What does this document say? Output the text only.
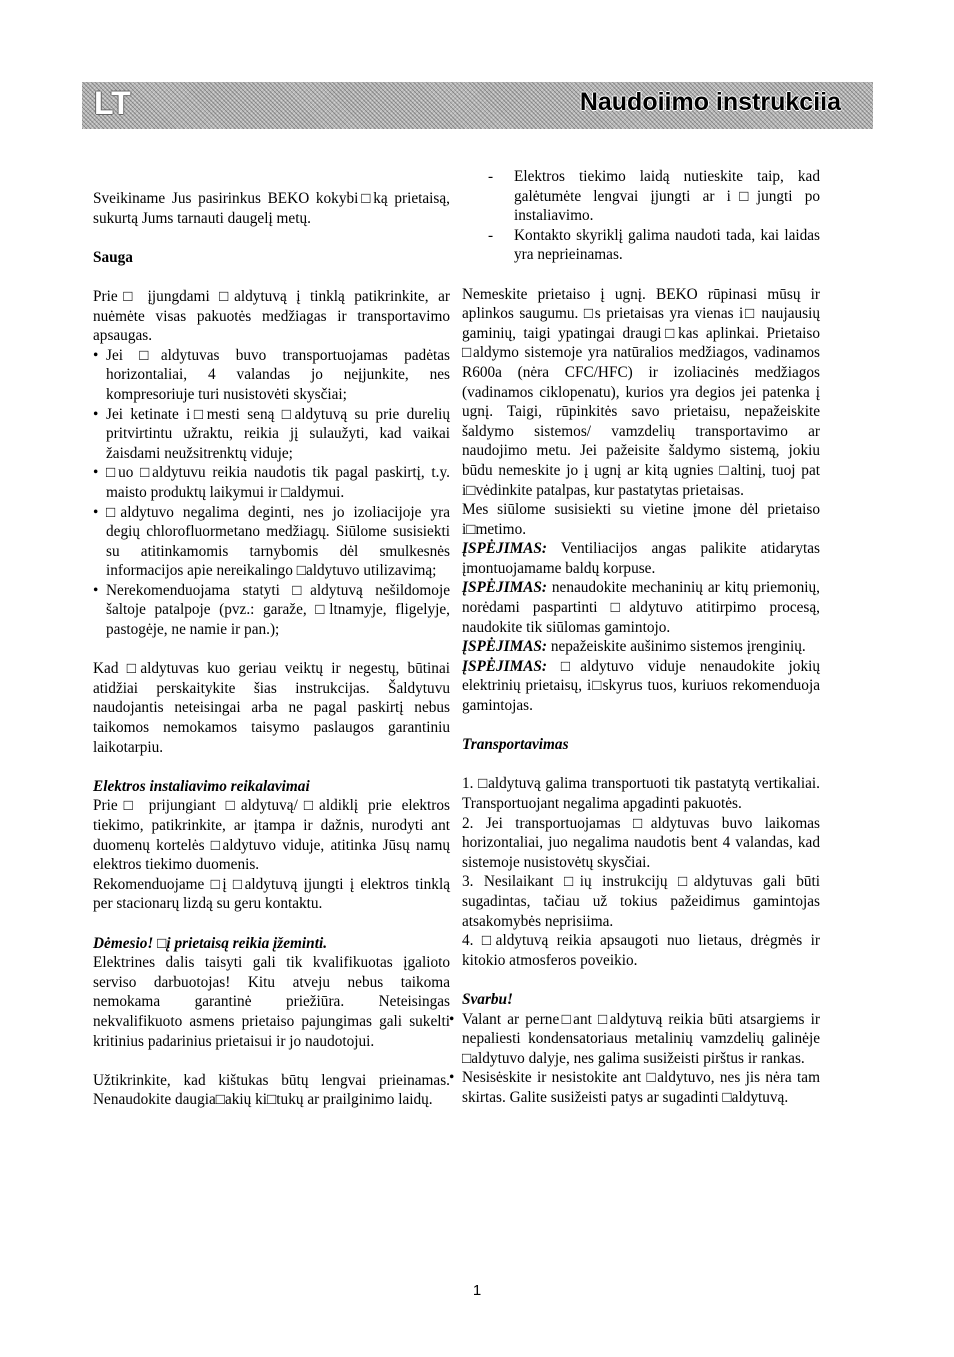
LT	Naudoiimo instrukciia

Sveikiname Jus pasirinkus BEKO kokybi□ką prietaisą, sukurtą Jums tarnauti daugelį metų.

Sauga

Prie□ įjungdami □aldytuvą į tinklą patikrinkite, ar nuėmėte visas pakuotės medžiagas ir transportavimo apsaugas.

• Jei □aldytuvas buvo transportuojamas padėtas horizontaliai, 4 valandas jo neįjunkite, nes kompresoriuje turi nusistovėti skysčiai;
• Jei ketinate i□mesti seną □aldytuvą su prie durelių pritvirtintu užraktu, reikia jį sulaužyti, kad vaikai žaisdami neužsitrenktų viduje;
• □uo □aldytuvu reikia naudotis tik pagal paskirtį, t.y. maisto produktų laikymui ir □aldymui.
• □aldytuvo negalima deginti, nes jo izoliacijoje yra degių chlorofluormetano medžiagų. Siūlome susisiekti su atitinkamomis tarnybomis dėl smulkesnės informacijos apie nereikalingo □aldytuvo utilizavimą;
• Nerekomenduojama statyti □aldytuvą nešildomoje šaltoje patalpoje (pvz.: garaže, □ltnamyje, fligelyje, pastogėje, ne namie ir pan.);

Kad □aldytuvas kuo geriau veiktų ir negestų, būtinai atidžiai perskaitykite šias instrukcijas. Šaldytuvu naudojantis neteisingai arba ne pagal paskirtį nebus taikomos nemokamos taisymo paslaugos garantiniu laikotarpiu.

Elektros instaliavimo reikalavimai

Prie□ prijungiant □aldytuvą/□aldiklį prie elektros tiekimo, patikrinkite, ar įtampa ir dažnis, nurodyti ant duomenų kortelės □aldytuvo viduje, atitinka Jūsų namų elektros tiekimo duomenis.

Rekomenduojame □į □aldytuvą įjungti į elektros tinklą per stacionarų lizdą su geru kontaktu.

Dėmesio! □į prietaisą reikia įžeminti.

Elektrines dalis taisyti gali tik kvalifikuotas įgalioto serviso darbuotojas! Kitu atveju nebus taikoma nemokama garantinė priežiūra. Neteisingas nekvalifikuoto asmens prietaiso pajungimas gali sukelti kritinius padarinius prietaisui ir jo naudotojui.

Užtikrinkite, kad kištukas būtų lengvai prieinamas. Nenaudokite daugia□akių ki□tukų ar prailginimo laidų.

- Elektros tiekimo laidą nutieskite taip, kad galėtumėte lengvai įjungti ar i□jungti po instaliavimo.
- Kontakto skyriklį galima naudoti tada, kai laidas yra neprieinamas.

Nemeskite prietaiso į ugnį. BEKO rūpinasi mūsų ir aplinkos saugumu. □s prietaisas yra vienas i□ naujausių gaminių, taigi ypatingai draugi□kas aplinkai. Prietaiso □aldymo sistemoje yra natūralios medžiagos, vadinamos R600a (nėra CFC/HFC) ir izoliacinės medžiagos (vadinamos ciklopenatu), kurios yra degios jei patenka į ugnį. Taigi, rūpinkitės savo prietaisu, nepažeiskite šaldymo sistemos/ vamzdelių transportavimo ar naudojimo metu. Jei pažeisite šaldymo sistemą, jokiu būdu nemeskite jo į ugnį ar kitą ugnies □altinį, tuoj pat i□vėdinkite patalpas, kur pastatytas prietaisas.

Mes siūlome susisiekti su vietine įmone dėl prietaiso i□metimo.

ĮSPĖJIMAS: Ventiliacijos angas palikite atidarytas įmontuojamame baldų korpuse.

ĮSPĖJIMAS: nenaudokite mechaninių ar kitų priemonių, norėdami paspartinti □aldytuvo atitirpimo procesą, naudokite tik siūlomas gamintojo.

ĮSPĖJIMAS: nepažeiskite aušinimo sistemos įrenginių.

ĮSPĖJIMAS: □aldytuvo viduje nenaudokite jokių elektrinių prietaisų, i□skyrus tuos, kuriuos rekomenduoja gamintojas.

Transportavimas

1. □aldytuvą galima transportuoti tik pastatytą vertikaliai. Transportuojant negalima apgadinti pakuotės.

2. Jei transportuojamas □aldytuvas buvo laikomas horizontaliai, juo negalima naudotis bent 4 valandas, kad sistemoje nusistovėtų skysčiai.

3. Nesilaikant □ių instrukcijų □aldytuvas gali būti sugadintas, tačiau už tokius pažeidimus gamintojas atsakomybės neprisiima.

4. □aldytuvą reikia apsaugoti nuo lietaus, drėgmės ir kitokio atmosferos poveikio.

Svarbu!

• Valant ar perne□ant □aldytuvą reikia būti atsargiems ir nepaliesti kondensatoriaus metalinių vamzdelių galinėje □aldytuvo dalyje, nes galima susižeisti pirštus ir rankas.
• Nesisėskite ir nesistokite ant □aldytuvo, nes jis nėra tam skirtas. Galite susižeisti patys ar sugadinti □aldytuvą.
1
